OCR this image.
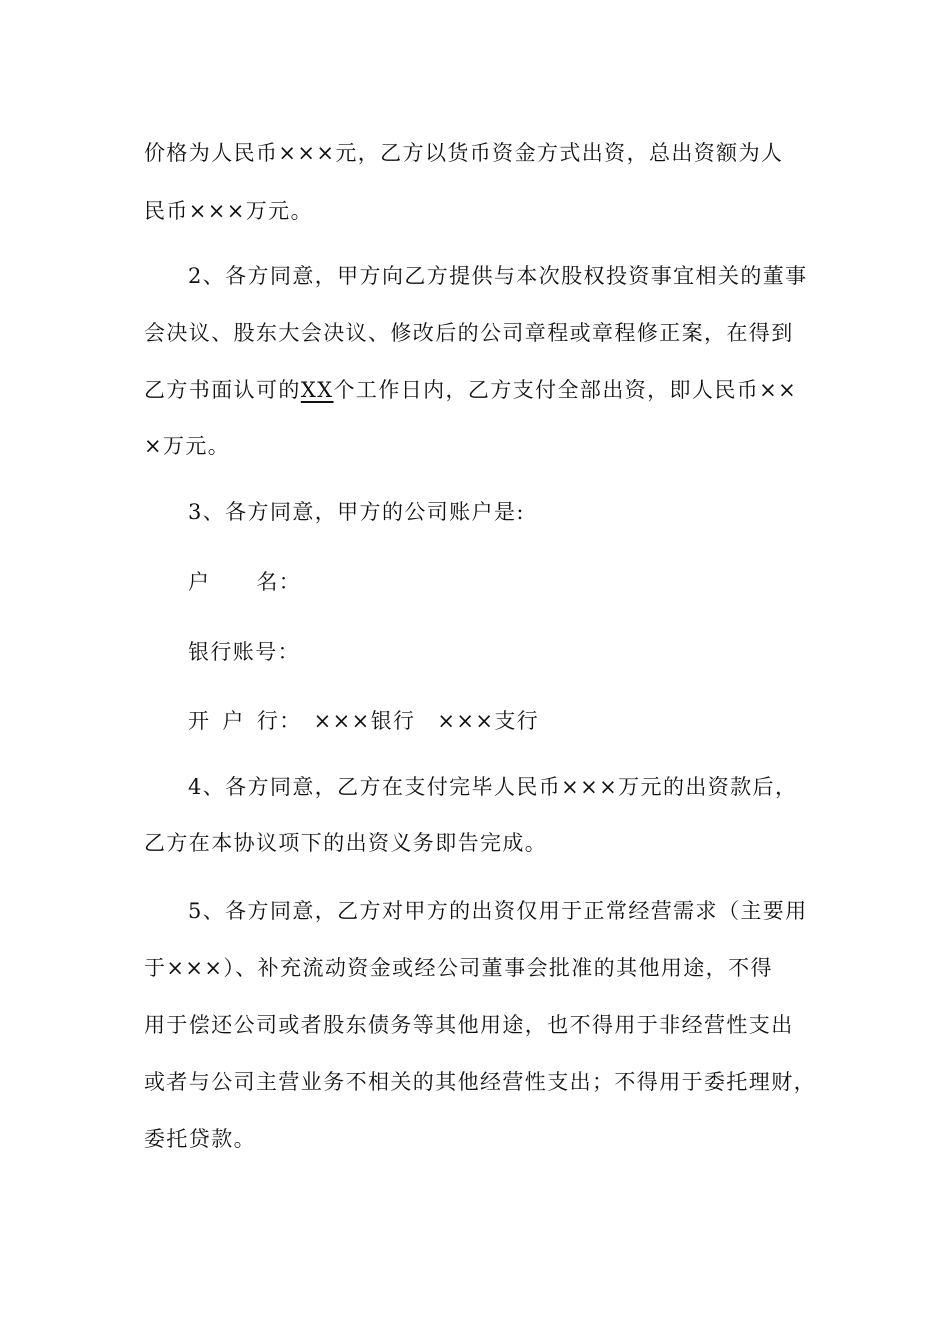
价格为人民币×××元，乙方以货币资金方式出资，总出资额为人
民币×××万元。
2、各方同意，甲方向乙方提供与本次股权投资事宜相关的董事
会决议、股东大会决议、修改后的公司章程或章程修正案，在得到
乙方书面认可的XX个工作日内，乙方支付全部出资，即人民币××
×万元。
3、各方同意，甲方的公司账户是:
户 名：
银行账号：
开 户 行： ×××银行 ×××支行
4、各方同意，乙方在支付完毕人民币×××万元的出资款后，
乙方在本协议项下的出资义务即告完成。
5、各方同意，乙方对甲方的出资仅用于正常经营需求（主要用
于×××）、补充流动资金或经公司董事会批准的其他用途，不得
用于偿还公司或者股东债务等其他用途，也不得用于非经营性支出
或者与公司主营业务不相关的其他经营性支出；不得用于委托理财，
委托贷款。
